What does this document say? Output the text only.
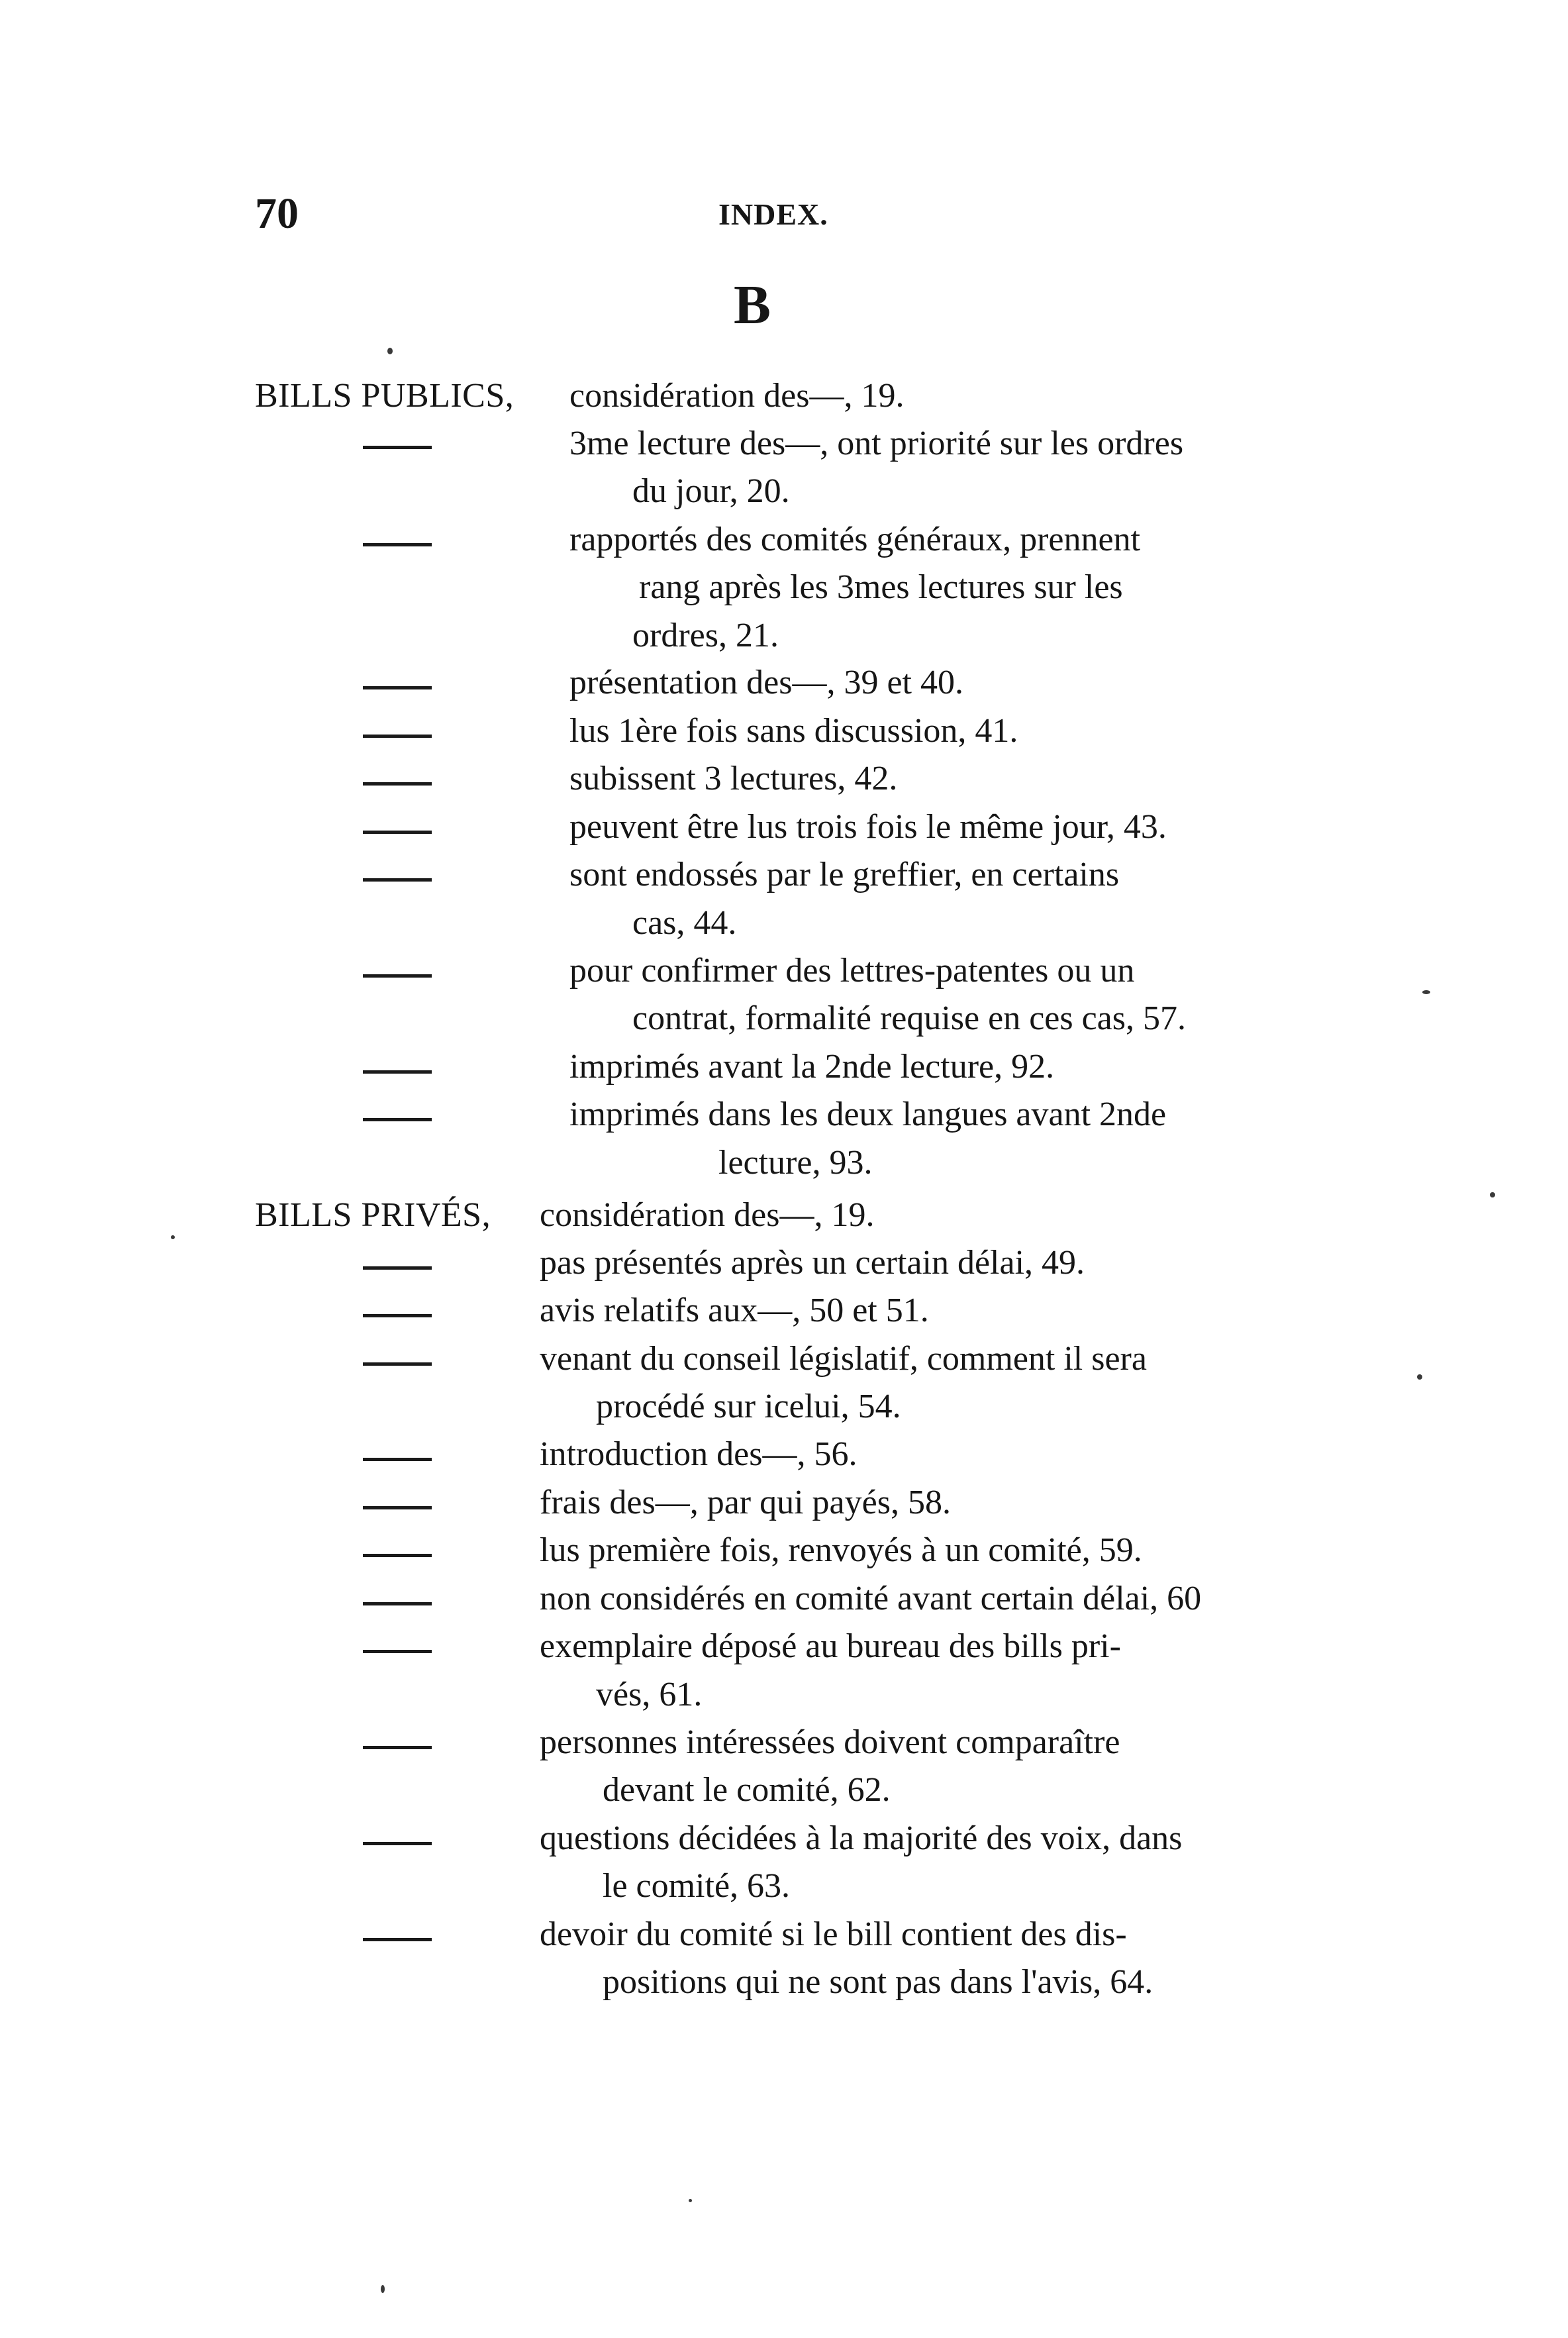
70	INDEX.
B
BILLS PUBLICS, considération des—, 19.
3me lecture des—, ont priorité sur les ordres
du jour, 20.
rapportés des comités généraux, prennent
rang après les 3mes lectures sur les
ordres, 21.
présentation des—, 39 et 40.
lus 1ère fois sans discussion, 41.
subissent 3 lectures, 42.
peuvent être lus trois fois le même jour, 43.
sont endossés par le greffier, en certains
cas, 44.
pour confirmer des lettres-patentes ou un
contrat, formalité requise en ces cas, 57.
imprimés avant la 2nde lecture, 92.
imprimés dans les deux langues avant 2nde
lecture, 93.
BILLS PRIVÉS, considération des—, 19.
pas présentés après un certain délai, 49.
avis relatifs aux—, 50 et 51.
venant du conseil législatif, comment il sera
procédé sur icelui, 54.
introduction des—, 56.
frais des—, par qui payés, 58.
lus première fois, renvoyés à un comité, 59.
non considérés en comité avant certain délai, 60
exemplaire déposé au bureau des bills pri-
vés, 61.
personnes intéressées doivent comparaître
devant le comité, 62.
questions décidées à la majorité des voix, dans
le comité, 63.
devoir du comité si le bill contient des dis-
positions qui ne sont pas dans l'avis, 64.
